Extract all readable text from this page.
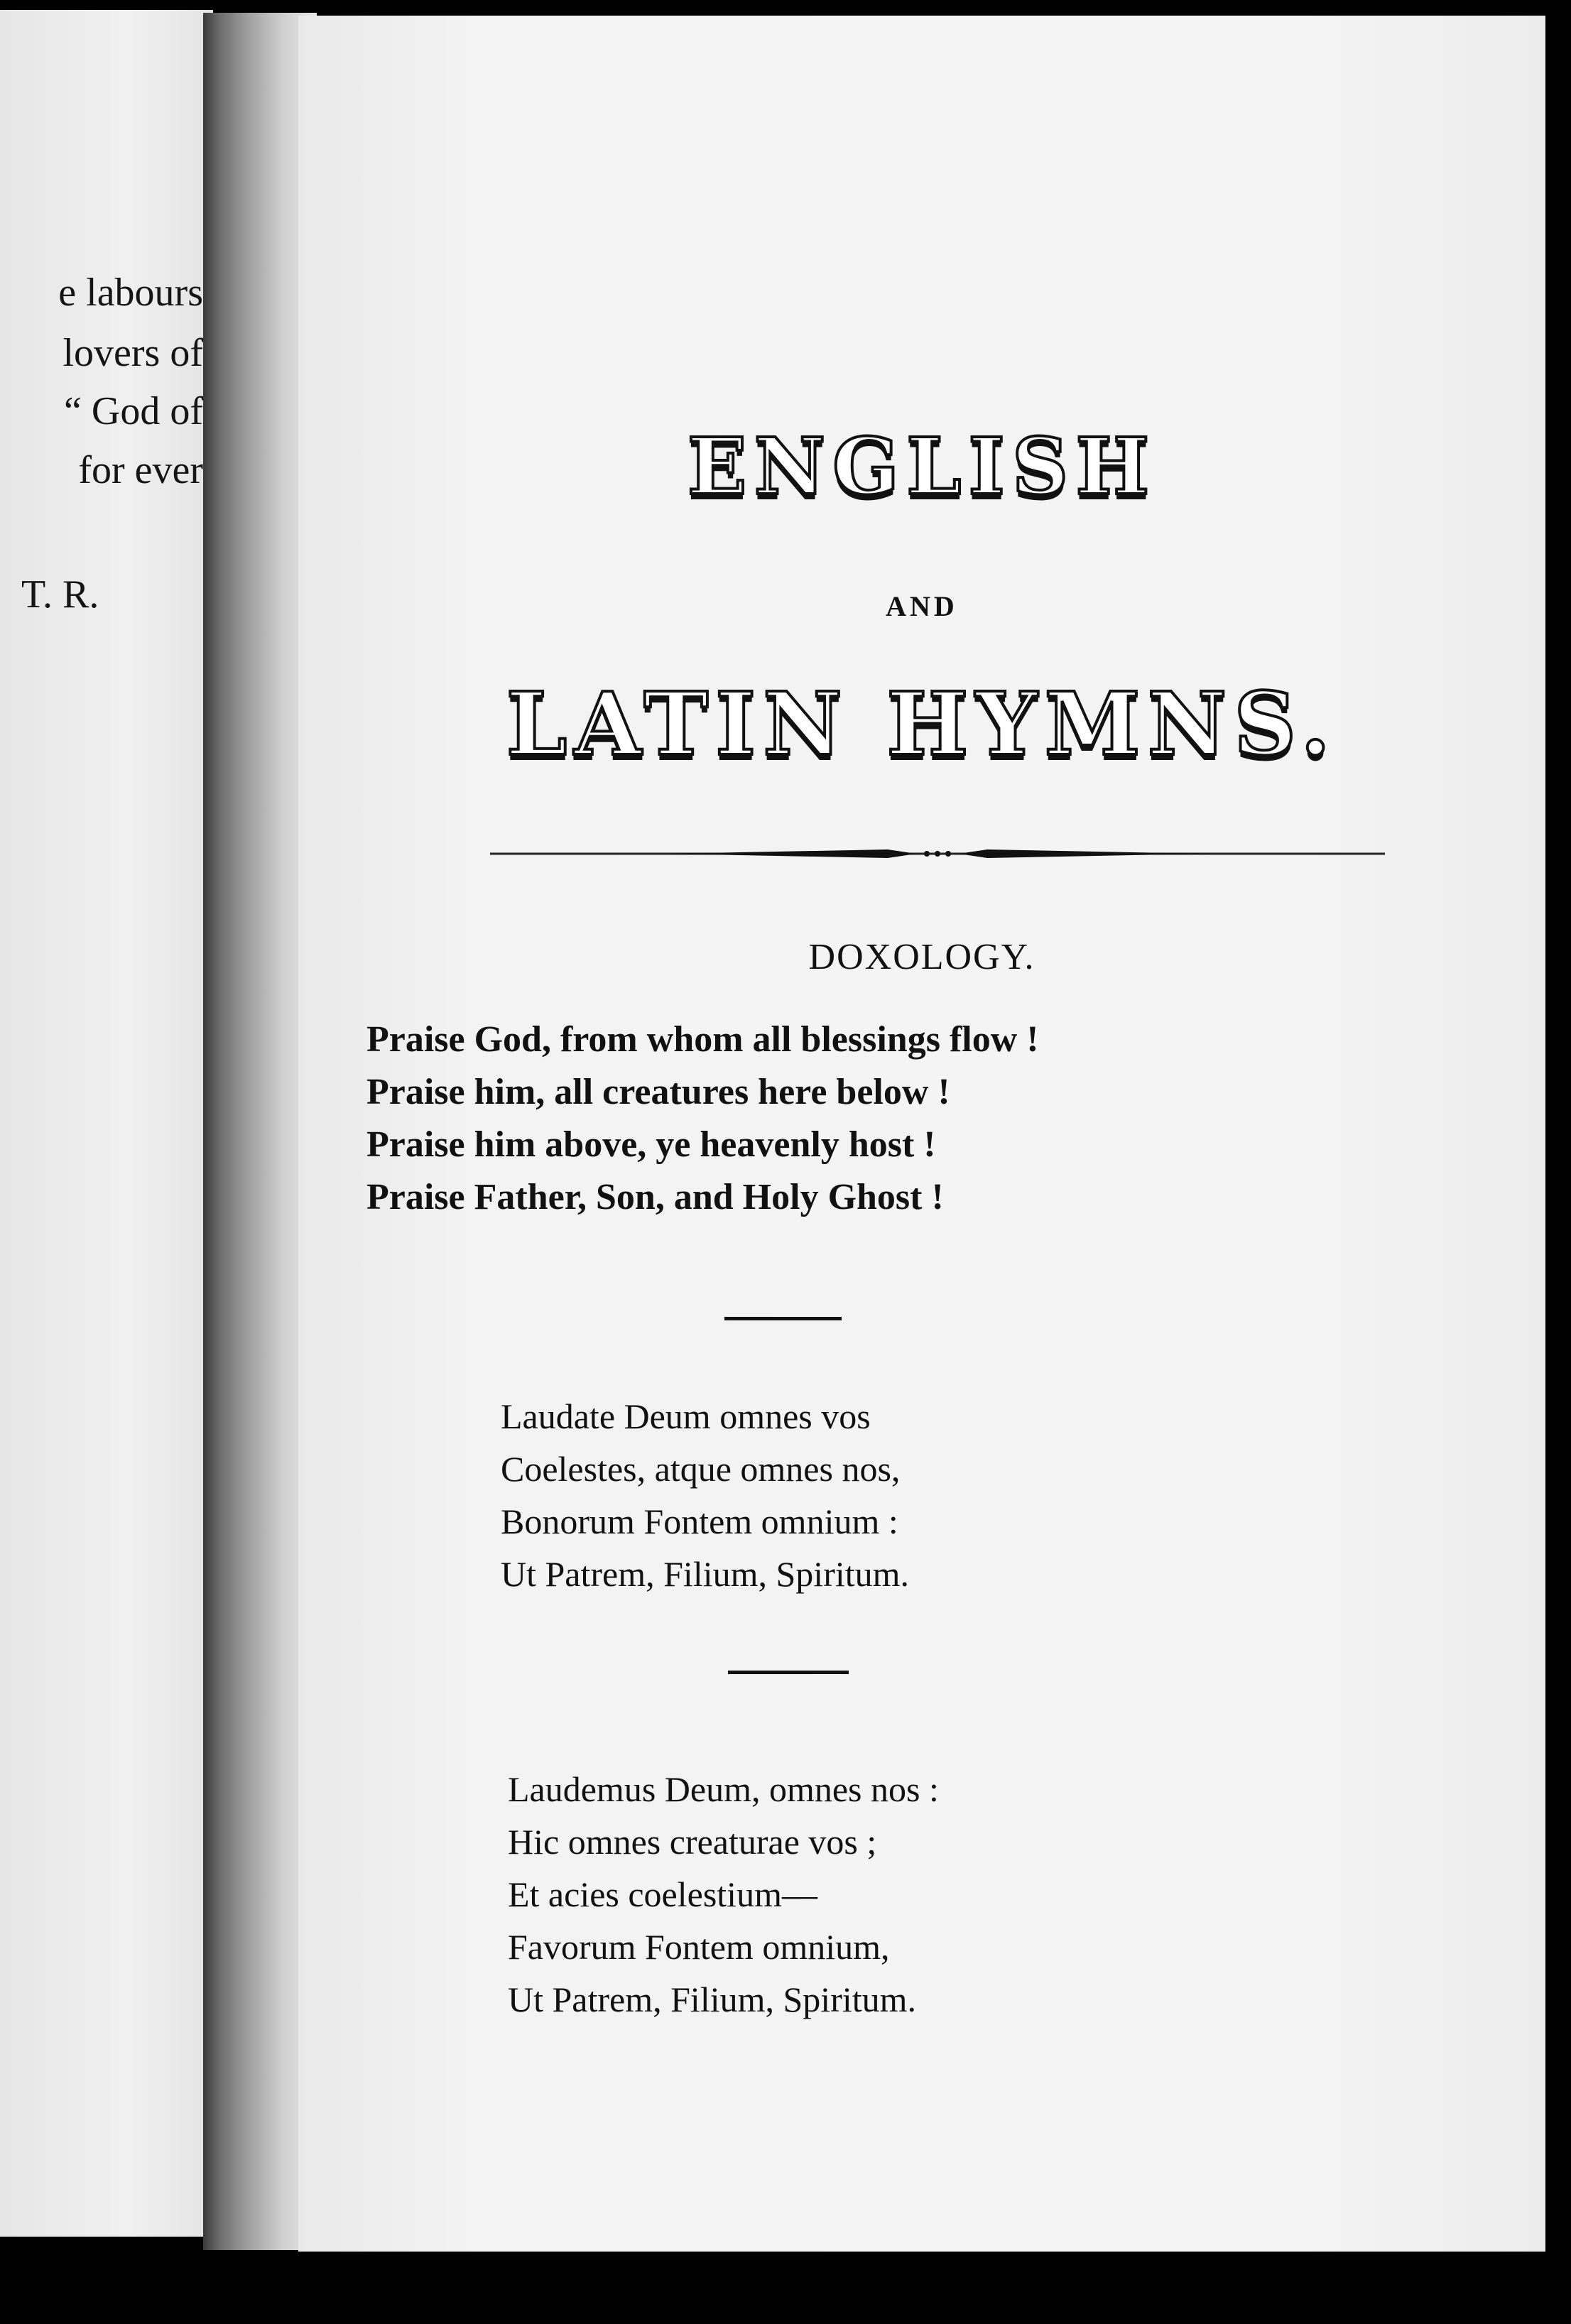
e labours
lovers of
“ God of
for ever
T. R.
ENGLISH
AND
LATIN HYMNS.
DOXOLOGY.
Praise God, from whom all blessings flow !
Praise him, all creatures here below !
Praise him above, ye heavenly host !
Praise Father, Son, and Holy Ghost !
Laudate Deum omnes vos
Coelestes, atque omnes nos,
Bonorum Fontem omnium :
Ut Patrem, Filium, Spiritum.
Laudemus Deum, omnes nos :
Hic omnes creaturae vos ;
Et acies coelestium—
Favorum Fontem omnium,
Ut Patrem, Filium, Spiritum.
